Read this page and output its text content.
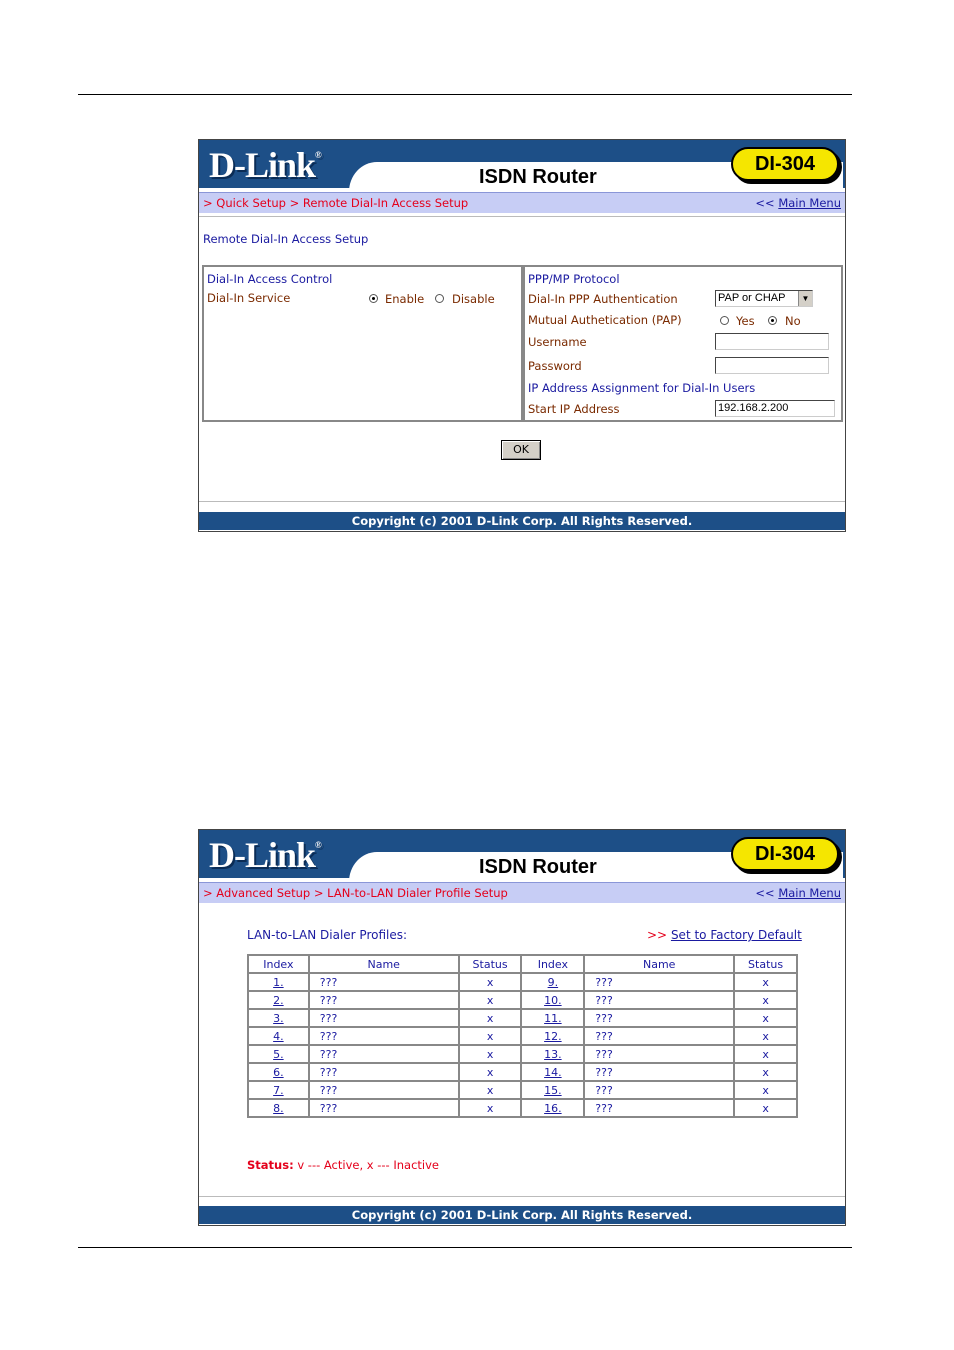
D-Link®
ISDN Router
DI-304
> Quick Setup > Remote Dial-In Access Setup	<< Main Menu
Remote Dial-In Access Setup
Dial-In Access Control
Dial-In Service	Enable Disable
PPP/MP Protocol
Dial-In PPP Authentication	PAP or CHAP	▼
Mutual Authetication (PAP)	Yes	No
Username
Password
IP Address Assignment for Dial-In Users
Start IP Address	192.168.2.200
OK
Copyright (c) 2001 D-Link Corp. All Rights Reserved.
D-Link®
ISDN Router
DI-304
> Advanced Setup > LAN-to-LAN Dialer Profile Setup	<< Main Menu
LAN-to-LAN Dialer Profiles:	>> Set to Factory Default
Index	Name	Status	Index	Name	Status
1.	???	x	9.	???	x
2.	???	x	10.	???	x
3.	???	x	11.	???	x
4.	???	x	12.	???	x
5.	???	x	13.	???	x
6.	???	x	14.	???	x
7.	???	x	15.	???	x
8.	???	x	16.	???	x
Status: v --- Active, x --- Inactive
Copyright (c) 2001 D-Link Corp. All Rights Reserved.
